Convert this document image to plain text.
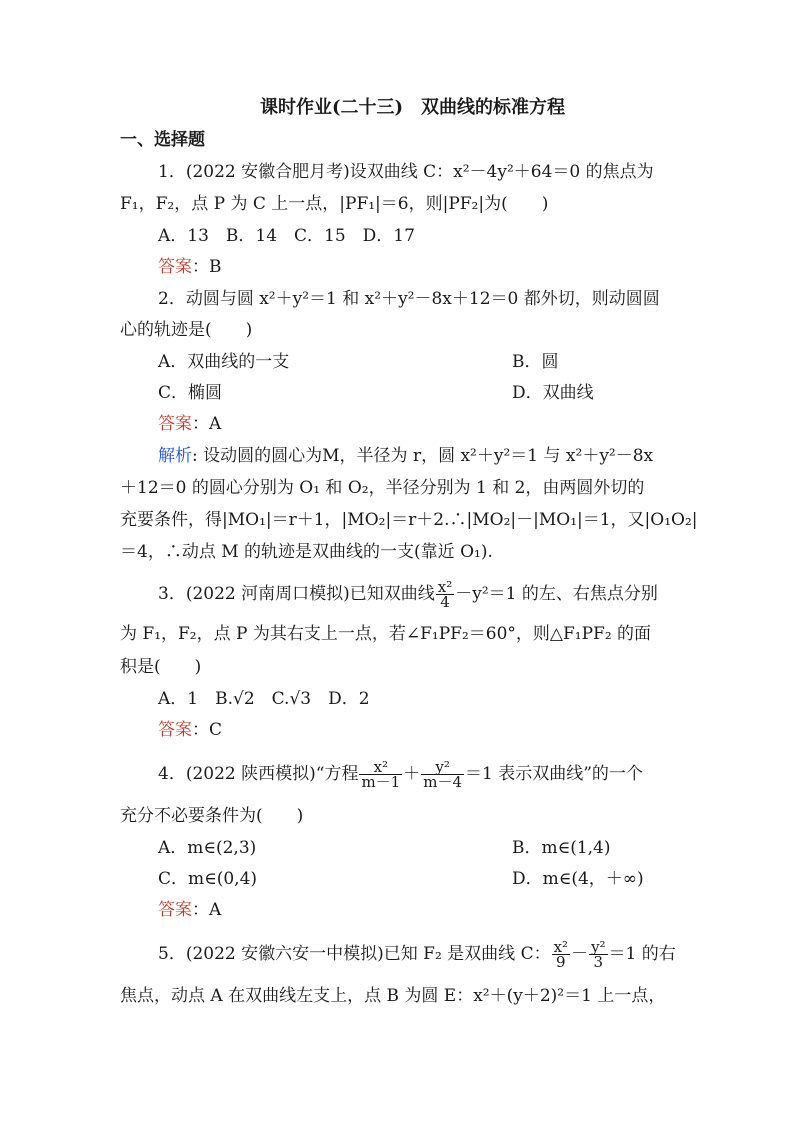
课时作业(二十三)　双曲线的标准方程
一、选择题
1．(2022 安徽合肥月考)设双曲线 C：x²－4y²＋64＝0 的焦点为
F₁，F₂，点 P 为 C 上一点，|PF₁|＝6，则|PF₂|为(　　)
A．13　B．14　C．15　D．17
答案：B
2．动圆与圆 x²＋y²＝1 和 x²＋y²－8x＋12＝0 都外切，则动圆圆
心的轨迹是(　　)
A．双曲线的一支	B．圆
C．椭圆	D．双曲线
答案：A
解析: 设动圆的圆心为M，半径为 r，圆 x²＋y²＝1 与 x²＋y²－8x
＋12＝0 的圆心分别为 O₁ 和 O₂，半径分别为 1 和 2，由两圆外切的
充要条件，得|MO₁|＝r＋1，|MO₂|＝r＋2.∴|MO₂|－|MO₁|＝1，又|O₁O₂|
＝4，∴动点 M 的轨迹是双曲线的一支(靠近 O₁).
3．(2022 河南周口模拟)已知双曲线 $\frac{\text{x²}}{4} -y^2=1$ 的左、右焦点分别
为 F₁，F₂，点 P 为其右支上一点，若∠F₁PF₂＝60°，则△F₁PF₂ 的面
积是(　　)
A．1　B.√2　C.√3　D．2
答案：C
4．(2022 陕西模拟)“方程 $\frac{\text{x²}}{m-1} + \frac{\text{y²}}{m-4} =1$ 表示双曲线”的一个
充分不必要条件为(　　)
A．m∈(2,3)	B．m∈(1,4)
C．m∈(0,4)	D．m∈(4，＋∞)
答案：A
5．(2022 安徽六安一中模拟)已知 F₂ 是双曲线 C： $\frac{\text{x²}}{9} - \frac{\text{y²}}{3} =1$ 的右
焦点，动点 A 在双曲线左支上，点 B 为圆 E：x²＋(y＋2)²＝1 上一点，
